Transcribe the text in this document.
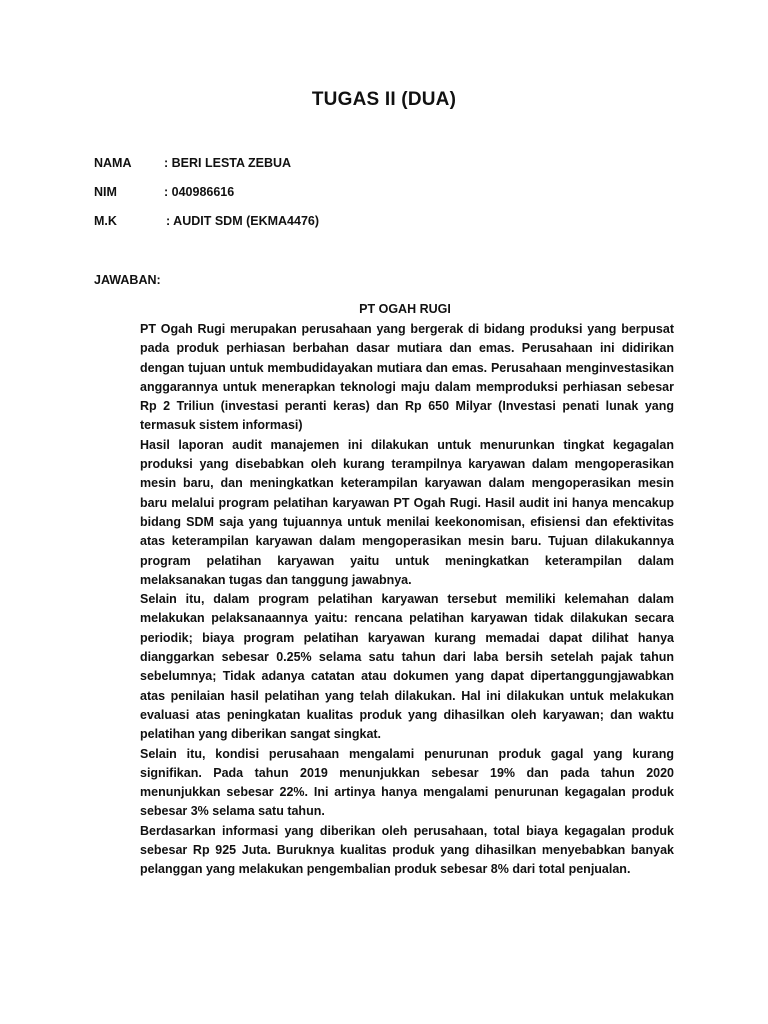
TUGAS II (DUA)
NAMA	: BERI LESTA ZEBUA
NIM	: 040986616
M.K	: AUDIT SDM (EKMA4476)
JAWABAN:
PT OGAH RUGI

PT Ogah Rugi merupakan perusahaan yang bergerak di bidang produksi yang berpusat pada produk perhiasan berbahan dasar mutiara dan emas. Perusahaan ini didirikan dengan tujuan untuk membudidayakan mutiara dan emas. Perusahaan menginvestasikan anggarannya untuk menerapkan teknologi maju dalam memproduksi perhiasan sebesar Rp 2 Triliun (investasi peranti keras) dan Rp 650 Milyar (Investasi penati lunak yang termasuk sistem informasi)

Hasil laporan audit manajemen ini dilakukan untuk menurunkan tingkat kegagalan produksi yang disebabkan oleh kurang terampilnya karyawan dalam mengoperasikan mesin baru, dan meningkatkan keterampilan karyawan dalam mengoperasikan mesin baru melalui program pelatihan karyawan PT Ogah Rugi. Hasil audit ini hanya mencakup bidang SDM saja yang tujuannya untuk menilai keekonomisan, efisiensi dan efektivitas atas keterampilan karyawan dalam mengoperasikan mesin baru. Tujuan dilakukannya program pelatihan karyawan yaitu untuk meningkatkan keterampilan dalam melaksanakan tugas dan tanggung jawabnya.

Selain itu, dalam program pelatihan karyawan tersebut memiliki kelemahan dalam melakukan pelaksanaannya yaitu: rencana pelatihan karyawan tidak dilakukan secara periodik; biaya program pelatihan karyawan kurang memadai dapat dilihat hanya dianggarkan sebesar 0.25% selama satu tahun dari laba bersih setelah pajak tahun sebelumnya; Tidak adanya catatan atau dokumen yang dapat dipertanggungjawabkan atas penilaian hasil pelatihan yang telah dilakukan. Hal ini dilakukan untuk melakukan evaluasi atas peningkatan kualitas produk yang dihasilkan oleh karyawan; dan waktu pelatihan yang diberikan sangat singkat.

Selain itu, kondisi perusahaan mengalami penurunan produk gagal yang kurang signifikan. Pada tahun 2019 menunjukkan sebesar 19% dan pada tahun 2020 menunjukkan sebesar 22%. Ini artinya hanya mengalami penurunan kegagalan produk sebesar 3% selama satu tahun.

Berdasarkan informasi yang diberikan oleh perusahaan, total biaya kegagalan produk sebesar Rp 925 Juta. Buruknya kualitas produk yang dihasilkan menyebabkan banyak pelanggan yang melakukan pengembalian produk sebesar 8% dari total penjualan.
